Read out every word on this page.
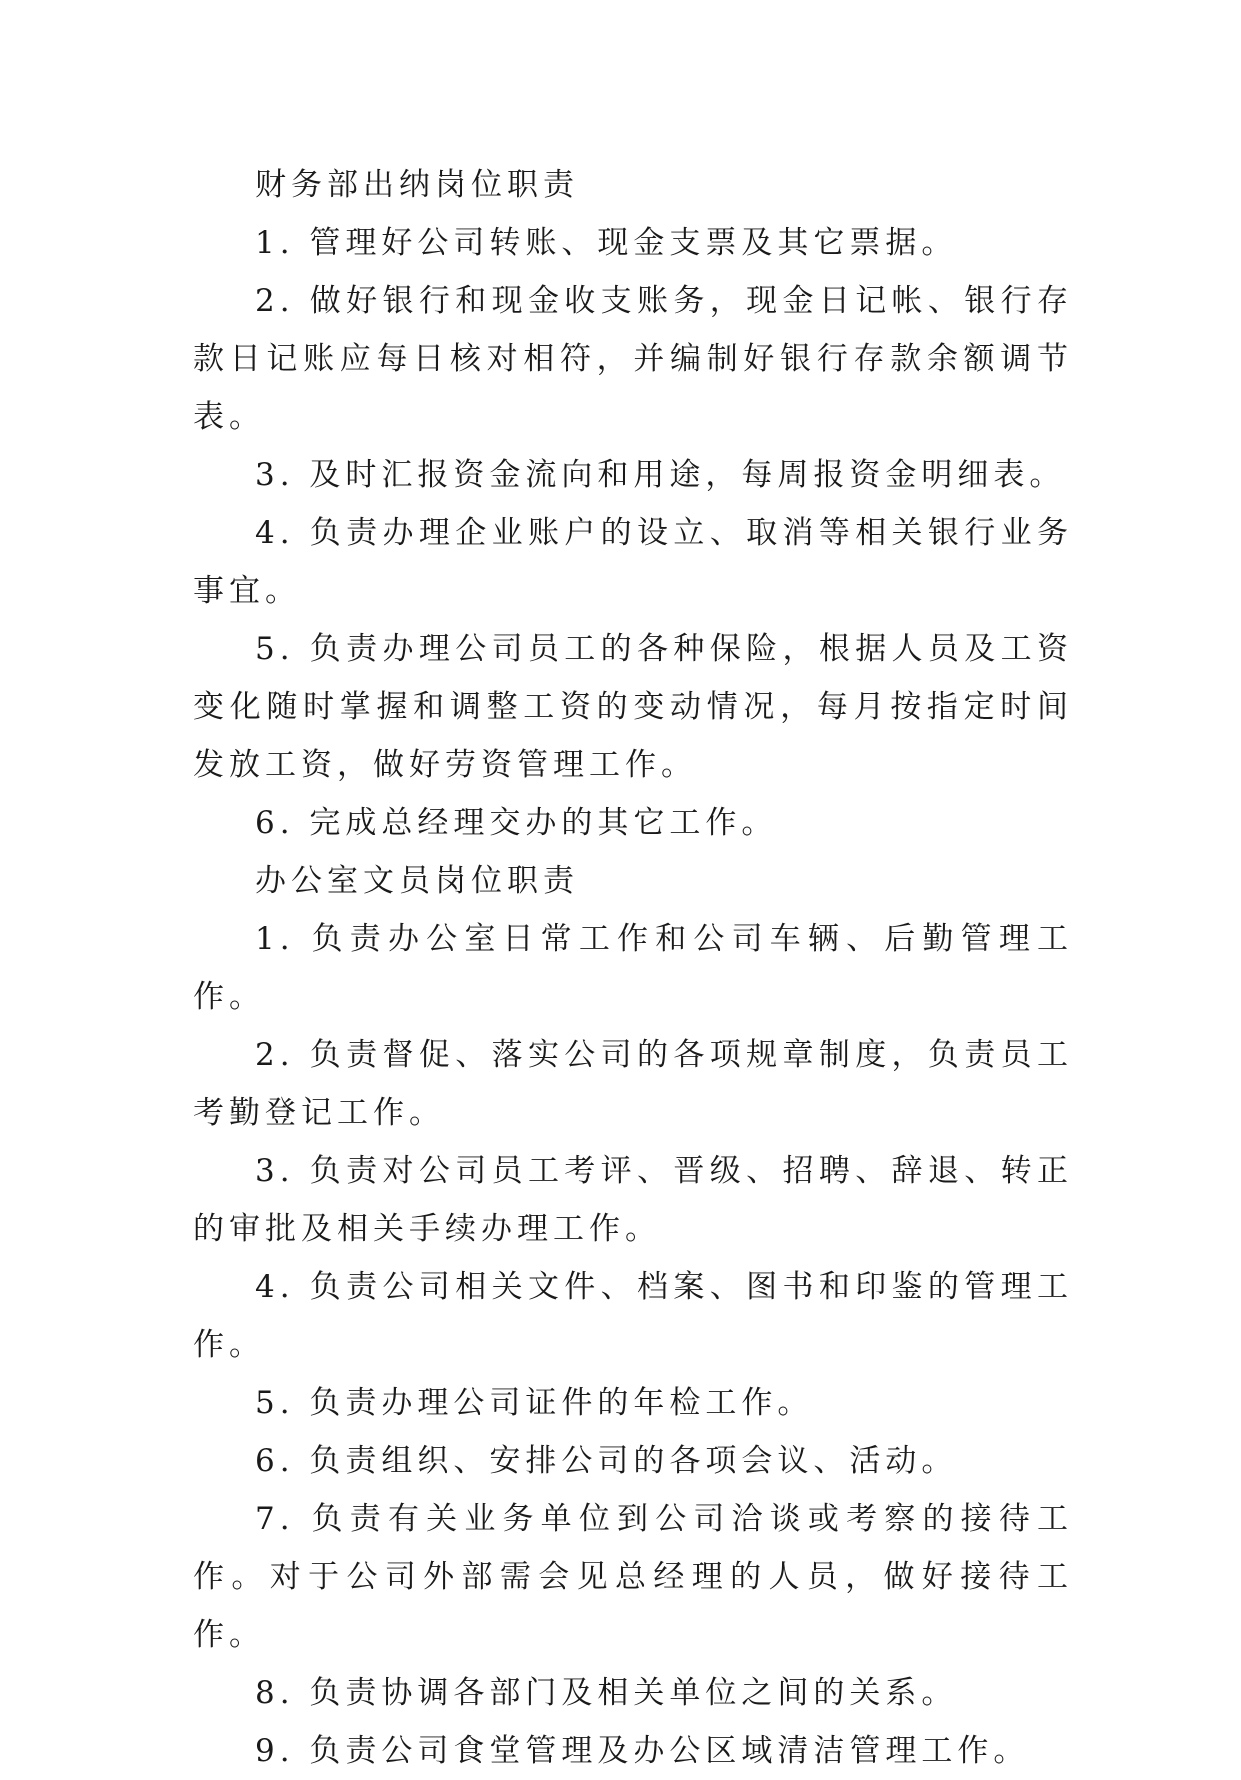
财务部出纳岗位职责

1. 管理好公司转账、现金支票及其它票据。

2. 做好银行和现金收支账务，现金日记帐、银行存款日记账应每日核对相符，并编制好银行存款余额调节表。

3. 及时汇报资金流向和用途，每周报资金明细表。

4. 负责办理企业账户的设立、取消等相关银行业务事宜。

5. 负责办理公司员工的各种保险，根据人员及工资变化随时掌握和调整工资的变动情况，每月按指定时间发放工资，做好劳资管理工作。

6. 完成总经理交办的其它工作。

办公室文员岗位职责

1. 负责办公室日常工作和公司车辆、后勤管理工作。

2. 负责督促、落实公司的各项规章制度，负责员工考勤登记工作。

3. 负责对公司员工考评、晋级、招聘、辞退、转正的审批及相关手续办理工作。

4. 负责公司相关文件、档案、图书和印鉴的管理工作。

5. 负责办理公司证件的年检工作。

6. 负责组织、安排公司的各项会议、活动。

7. 负责有关业务单位到公司洽谈或考察的接待工作。对于公司外部需会见总经理的人员，做好接待工作。

8. 负责协调各部门及相关单位之间的关系。

9. 负责公司食堂管理及办公区域清洁管理工作。
